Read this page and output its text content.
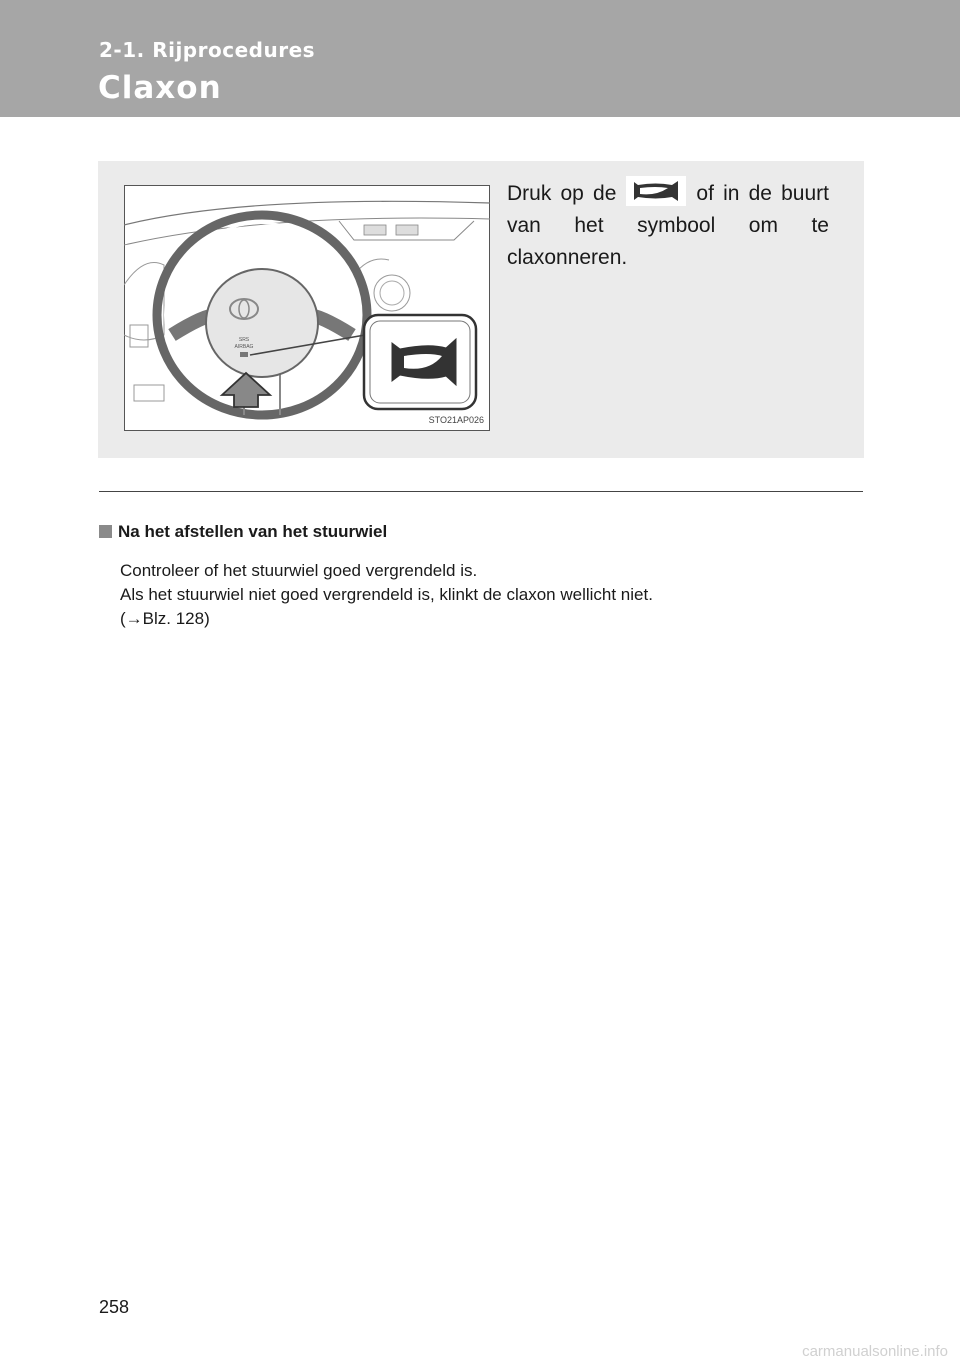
2-1. Rijprocedures
Claxon
SRS
AIRBAG
STO21AP026
Druk op de	of in de buurt van het symbool om te claxonneren.
Na het afstellen van het stuurwiel

Controleer of het stuurwiel goed vergrendeld is.

Als het stuurwiel niet goed vergrendeld is, klinkt de claxon wellicht niet.

(→Blz. 128)

258
carmanualsonline.info
